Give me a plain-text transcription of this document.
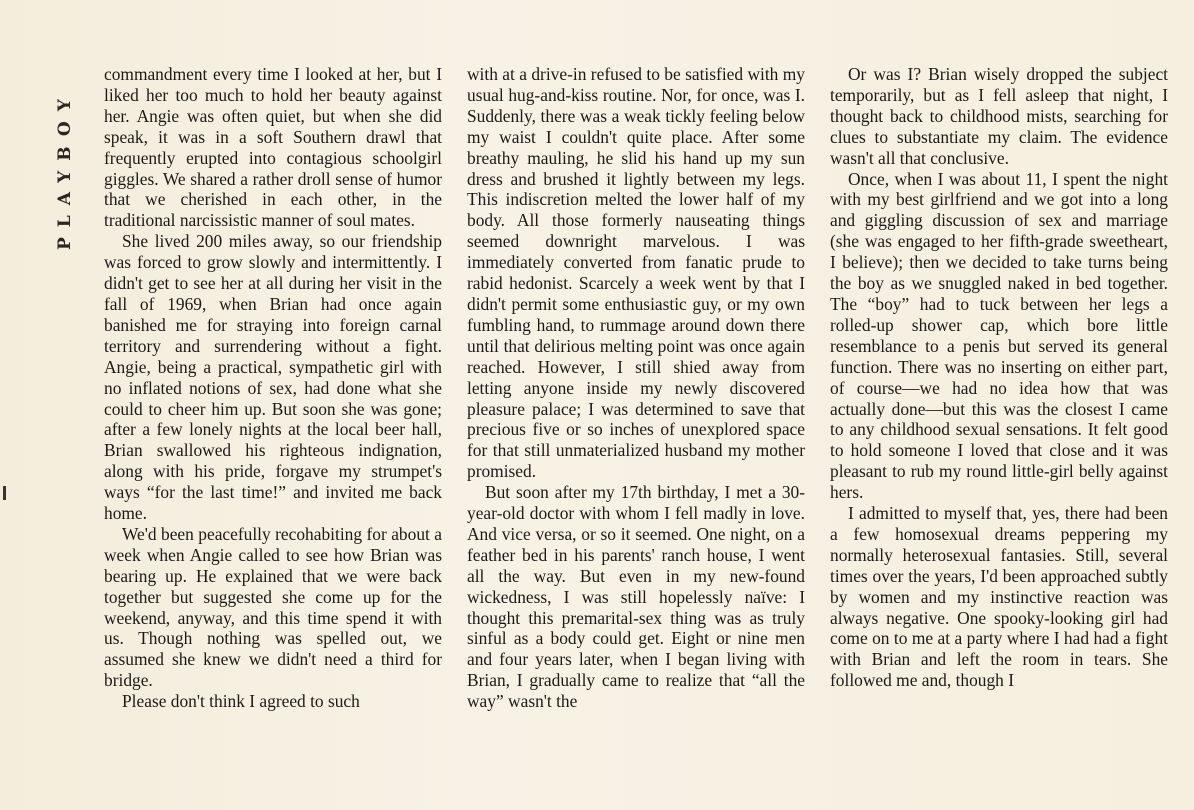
PLAYBOY

commandment every time I looked at her, but I liked her too much to hold her beauty against her. Angie was often quiet, but when she did speak, it was in a soft Southern drawl that frequently erupted into contagious schoolgirl giggles. We shared a rather droll sense of humor that we cherished in each other, in the traditional narcissistic manner of soul mates.

She lived 200 miles away, so our friendship was forced to grow slowly and intermittently. I didn't get to see her at all during her visit in the fall of 1969, when Brian had once again banished me for straying into foreign carnal territory and surrendering without a fight. Angie, being a practical, sympathetic girl with no inflated notions of sex, had done what she could to cheer him up. But soon she was gone; after a few lonely nights at the local beer hall, Brian swallowed his righteous indignation, along with his pride, forgave my strumpet's ways “for the last time!” and invited me back home.

We'd been peacefully recohabiting for about a week when Angie called to see how Brian was bearing up. He explained that we were back together but suggested she come up for the weekend, anyway, and this time spend it with us. Though nothing was spelled out, we assumed she knew we didn't need a third for bridge.

Please don't think I agreed to such

with at a drive-in refused to be satisfied with my usual hug-and-kiss routine. Nor, for once, was I. Suddenly, there was a weak tickly feeling below my waist I couldn't quite place. After some breathy mauling, he slid his hand up my sun dress and brushed it lightly between my legs. This indiscretion melted the lower half of my body. All those formerly nauseating things seemed downright marvelous. I was immediately converted from fanatic prude to rabid hedonist. Scarcely a week went by that I didn't permit some enthusiastic guy, or my own fumbling hand, to rummage around down there until that delirious melting point was once again reached. However, I still shied away from letting anyone inside my newly discovered pleasure palace; I was determined to save that precious five or so inches of unexplored space for that still unmaterialized husband my mother promised.

But soon after my 17th birthday, I met a 30-year-old doctor with whom I fell madly in love. And vice versa, or so it seemed. One night, on a feather bed in his parents' ranch house, I went all the way. But even in my new-found wickedness, I was still hopelessly naïve: I thought this premarital-sex thing was as truly sinful as a body could get. Eight or nine men and four years later, when I began living with Brian, I gradually came to realize that “all the way” wasn't the

Or was I? Brian wisely dropped the subject temporarily, but as I fell asleep that night, I thought back to childhood mists, searching for clues to substantiate my claim. The evidence wasn't all that conclusive.

Once, when I was about 11, I spent the night with my best girlfriend and we got into a long and giggling discussion of sex and marriage (she was engaged to her fifth-grade sweetheart, I believe); then we decided to take turns being the boy as we snuggled naked in bed together. The “boy” had to tuck between her legs a rolled-up shower cap, which bore little resemblance to a penis but served its general function. There was no inserting on either part, of course—we had no idea how that was actually done—but this was the closest I came to any childhood sexual sensations. It felt good to hold someone I loved that close and it was pleasant to rub my round little-girl belly against hers.

I admitted to myself that, yes, there had been a few homosexual dreams peppering my normally heterosexual fantasies. Still, several times over the years, I'd been approached subtly by women and my instinctive reaction was always negative. One spooky-looking girl had come on to me at a party where I had had a fight with Brian and left the room in tears. She followed me and, though I
